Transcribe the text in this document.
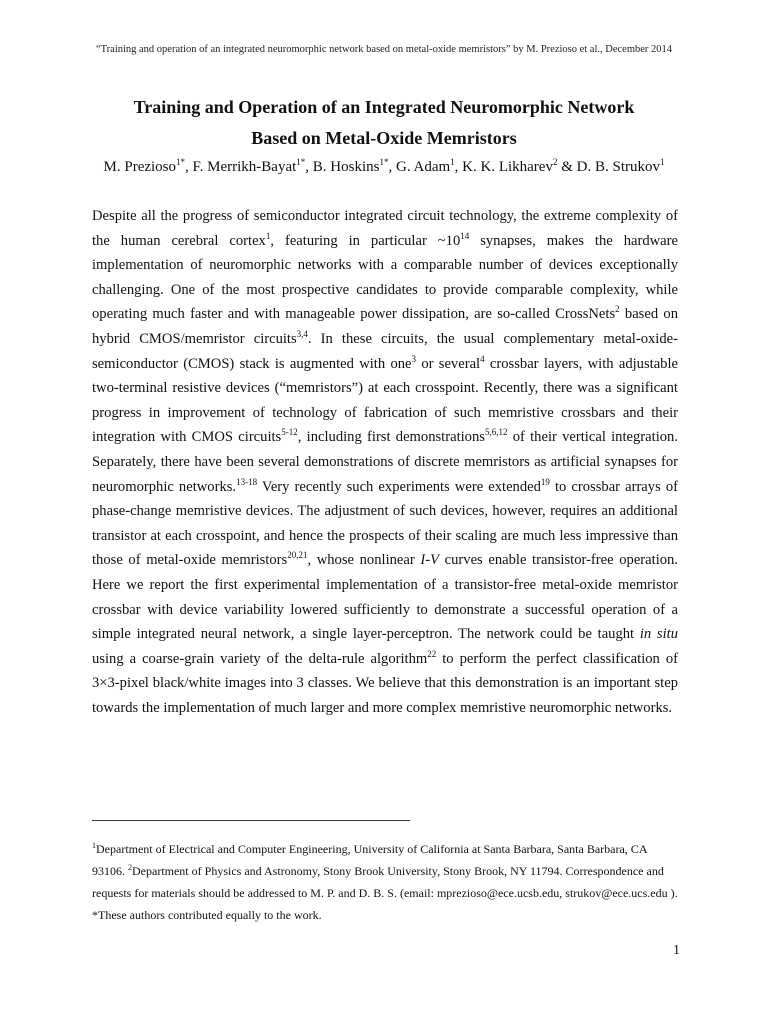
“Training and operation of an integrated neuromorphic network based on metal-oxide memristors” by M. Prezioso et al., December 2014
Training and Operation of an Integrated Neuromorphic Network
Based on Metal-Oxide Memristors
M. Prezioso$^{1*}$, F. Merrikh-Bayat$^{1*}$, B. Hoskins$^{1*}$, G. Adam$^1$, K. K. Likharev$^2$ & D. B. Strukov$^1$

Despite all the progress of semiconductor integrated circuit technology, the extreme complexity of the human cerebral cortex$^1$, featuring in particular $\sim 10^{14}$ synapses, makes the hardware implementation of neuromorphic networks with a comparable number of devices exceptionally challenging. One of the most prospective candidates to provide comparable complexity, while operating much faster and with manageable power dissipation, are so-called CrossNets$^2$ based on hybrid CMOS/memristor circuits$^{3,4}$. In these circuits, the usual complementary metal-oxide-semiconductor (CMOS) stack is augmented with one$^3$ or several$^4$ crossbar layers, with adjustable two-terminal resistive devices (“memristors”) at each crosspoint. Recently, there was a significant progress in improvement of technology of fabrication of such memristive crossbars and their integration with CMOS circuits$^{5-12}$, including first demonstrations$^{5,6,12}$ of their vertical integration. Separately, there have been several demonstrations of discrete memristors as artificial synapses for neuromorphic networks.$^{13-18}$ Very recently such experiments were extended$^{19}$ to crossbar arrays of phase-change memristive devices. The adjustment of such devices, however, requires an additional transistor at each crosspoint, and hence the prospects of their scaling are much less impressive than those of metal-oxide memristors$^{20,21}$, whose nonlinear I-V curves enable transistor-free operation. Here we report the first experimental implementation of a transistor-free metal-oxide memristor crossbar with device variability lowered sufficiently to demonstrate a successful operation of a simple integrated neural network, a single layer-perceptron. The network could be taught in situ using a coarse-grain variety of the delta-rule algorithm$^{22}$ to perform the perfect classification of 3×3-pixel black/white images into 3 classes. We believe that this demonstration is an important step towards the implementation of much larger and more complex memristive neuromorphic networks.

$^1$Department of Electrical and Computer Engineering, University of California at Santa Barbara, Santa Barbara, CA 93106. $^2$Department of Physics and Astronomy, Stony Brook University, Stony Brook, NY 11794. Correspondence and requests for materials should be addressed to M. P. and D. B. S. (email: mprezioso@ece.ucsb.edu, strukov@ece.ucs.edu ). *These authors contributed equally to the work.
1
